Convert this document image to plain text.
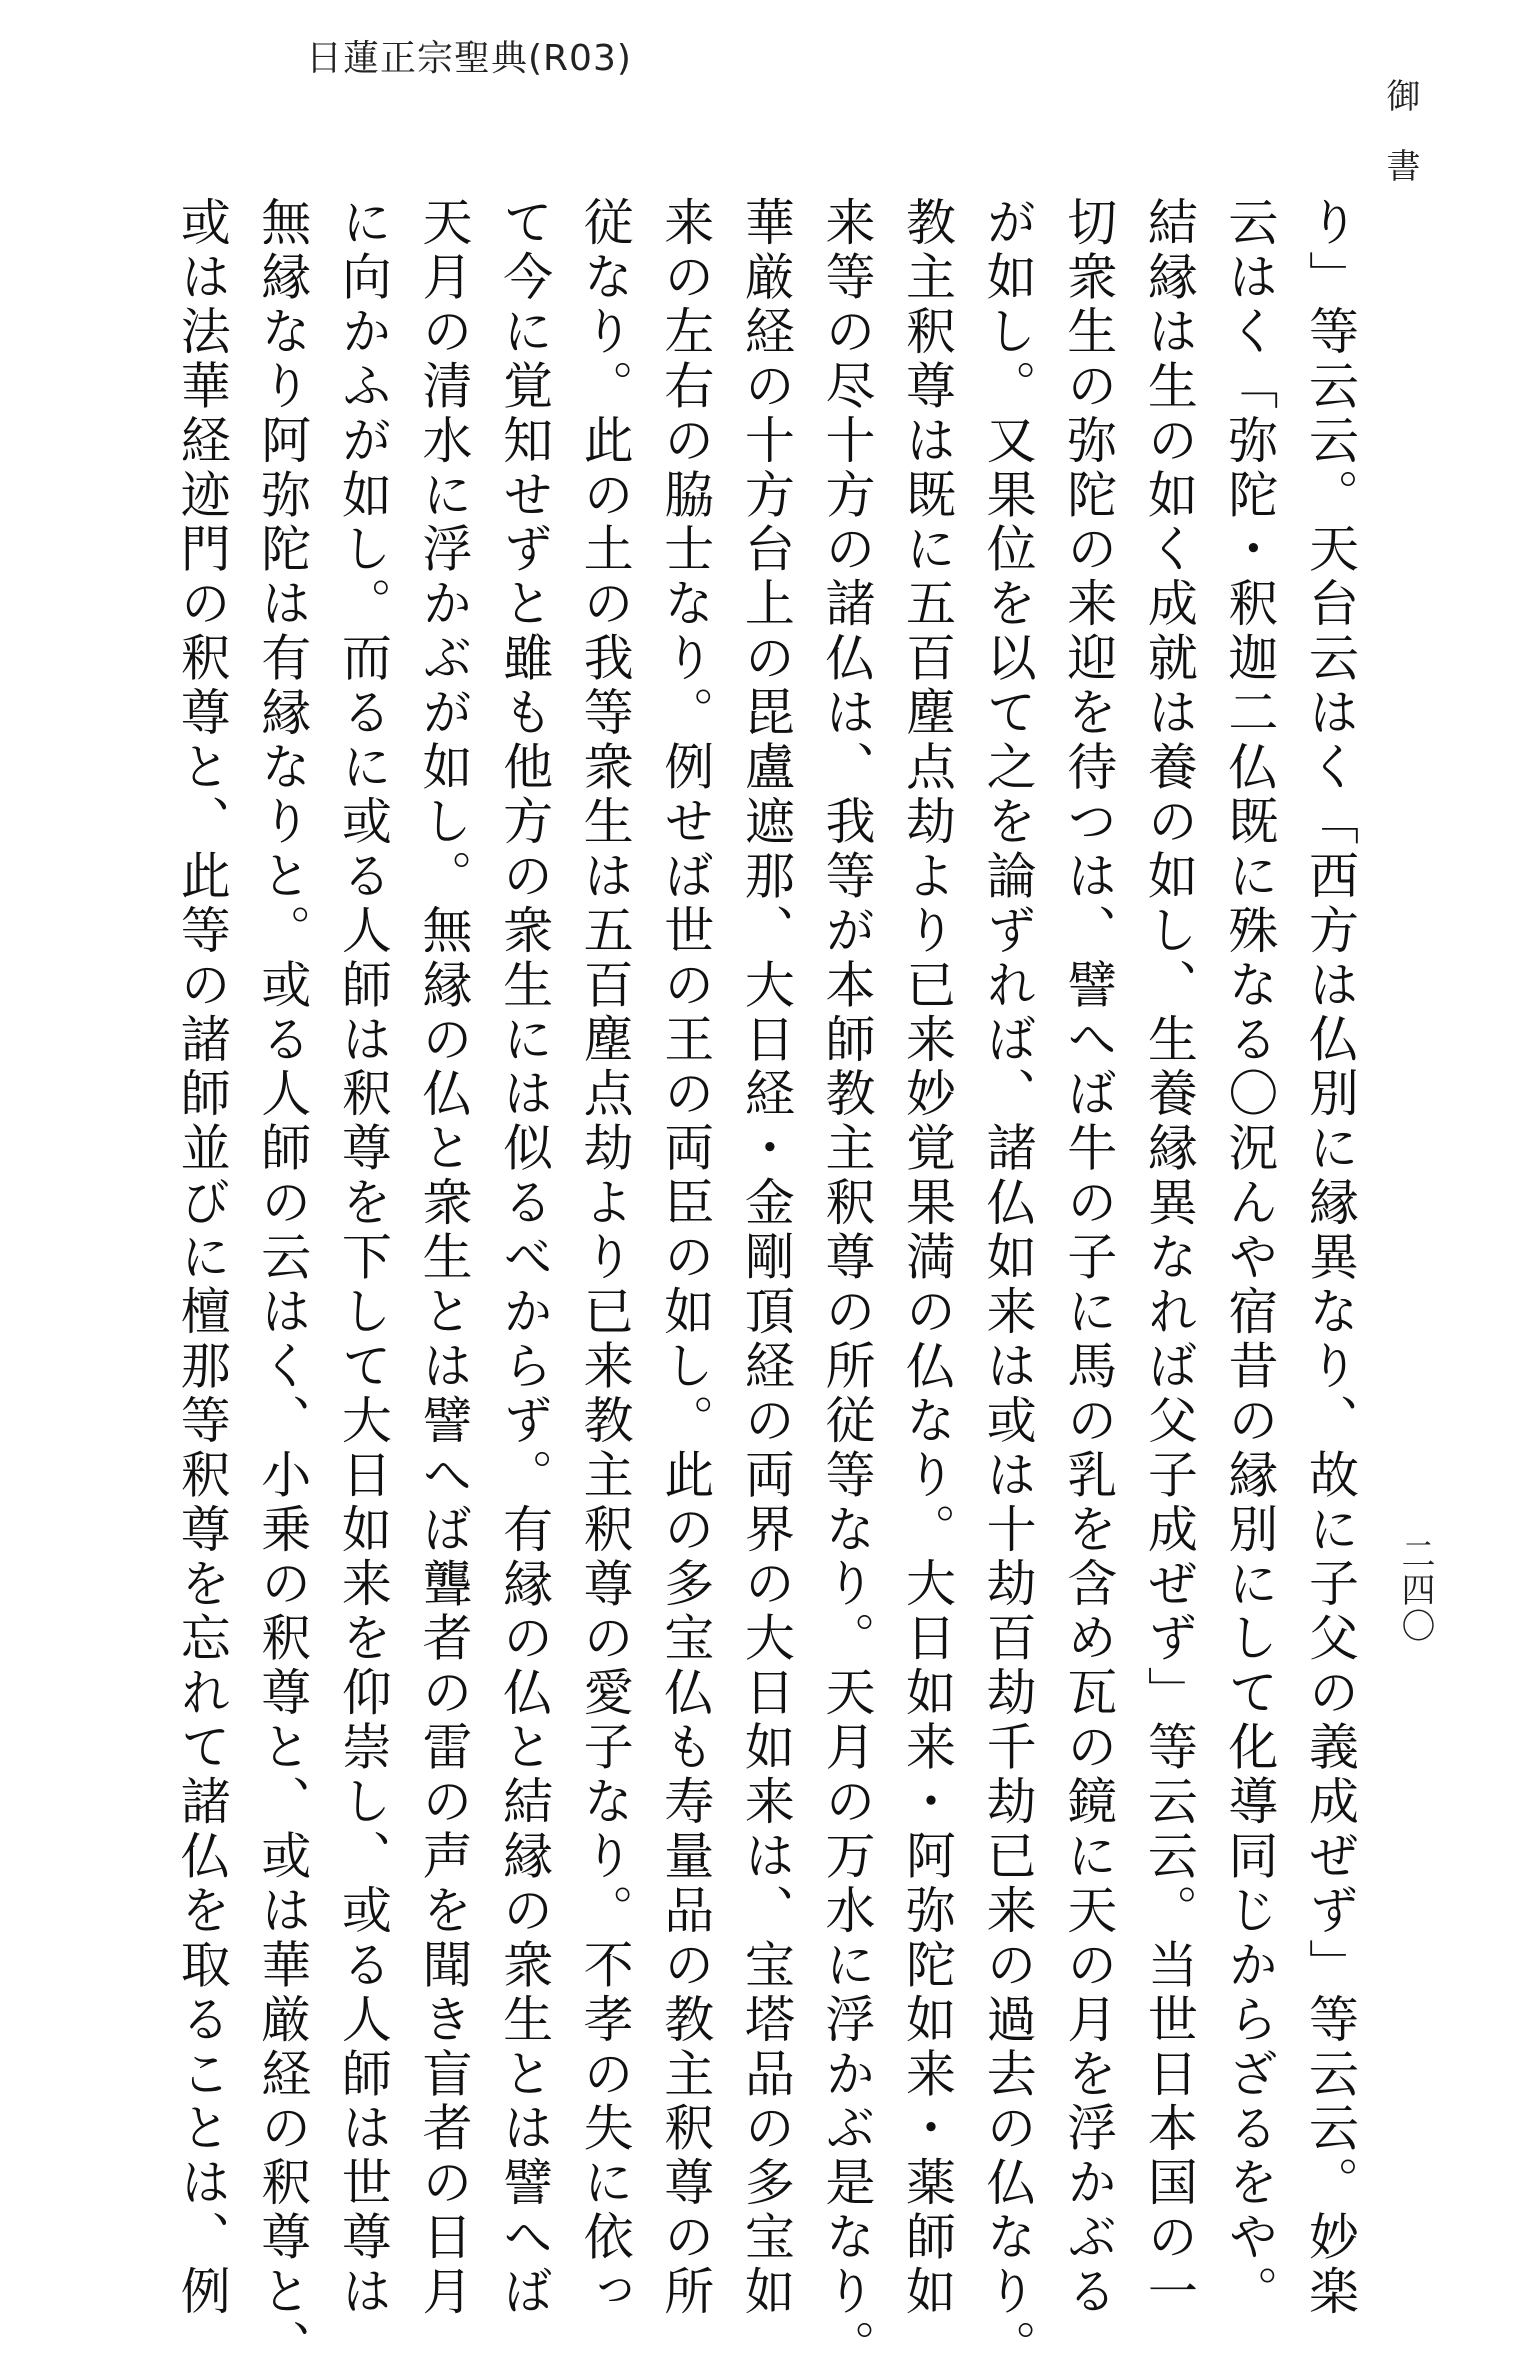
日蓮正宗聖典(R03)
御書
二四〇
り」等云云。天台云はく「西方は仏別に縁異なり、故に子父の義成ぜず」等云云。妙楽
云はく「弥陀・釈迦二仏既に殊なる〇況んや宿昔の縁別にして化導同じからざるをや。
結縁は生の如く成就は養の如し、生養縁異なれば父子成ぜず」等云云。当世日本国の一
切衆生の弥陀の来迎を待つは、譬へば牛の子に馬の乳を含め瓦の鏡に天の月を浮かぶる
が如し。又果位を以て之を論ずれば、諸仏如来は或は十劫百劫千劫已来の過去の仏なり。
教主釈尊は既に五百塵点劫より已来妙覚果満の仏なり。大日如来・阿弥陀如来・薬師如
来等の尽十方の諸仏は、我等が本師教主釈尊の所従等なり。天月の万水に浮かぶ是なり。
華厳経の十方台上の毘盧遮那、大日経・金剛頂経の両界の大日如来は、宝塔品の多宝如
来の左右の脇士なり。例せば世の王の両臣の如し。此の多宝仏も寿量品の教主釈尊の所
従なり。此の土の我等衆生は五百塵点劫より已来教主釈尊の愛子なり。不孝の失に依っ
て今に覚知せずと雖も他方の衆生には似るべからず。有縁の仏と結縁の衆生とは譬へば
天月の清水に浮かぶが如し。無縁の仏と衆生とは譬へば聾者の雷の声を聞き盲者の日月
に向かふが如し。而るに或る人師は釈尊を下して大日如来を仰崇し、或る人師は世尊は
無縁なり阿弥陀は有縁なりと。或る人師の云はく、小乗の釈尊と、或は華厳経の釈尊と、
或は法華経迹門の釈尊と、此等の諸師並びに檀那等釈尊を忘れて諸仏を取ることは、例
